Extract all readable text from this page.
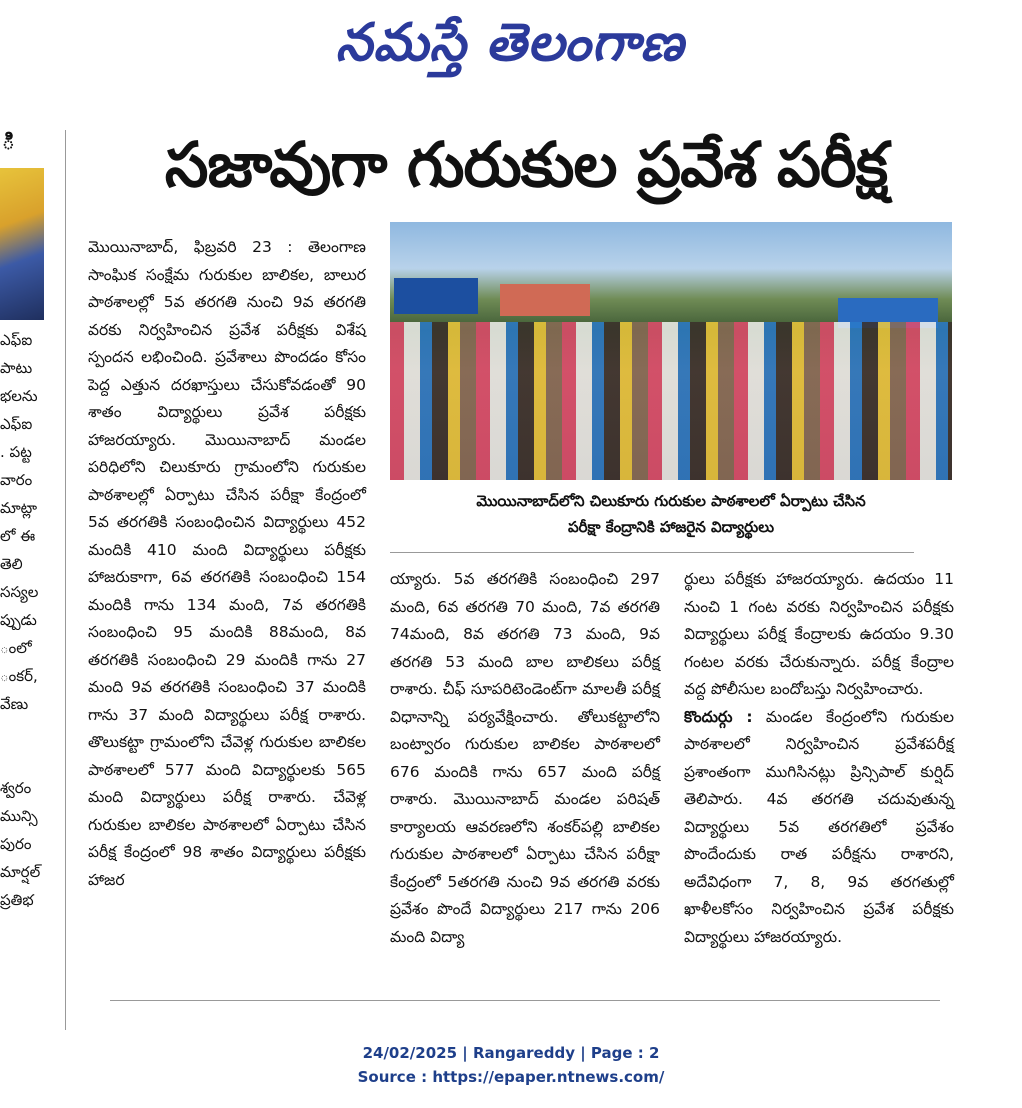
నమస్తే తెలంగాణ
సజావుగా గురుకుల ప్రవేశ పరీక్ష
ి
ఎఫ్ఐ
పాటు
భలను
ఎఫ్ఐ
. పట్ట
వారం
మాట్లా
లో ఈ
తెలి
సస్యల
ప్పుడు
ంలో
ంకర్,
వేణు

శ్వరం
మున్సి
పురం
మార్షల్
ప్రతిభ

మొయినాబాద్, ఫిబ్రవరి 23 : తెలంగాణ సాంఘిక సంక్షేమ గురుకుల బాలికల, బాలుర పాఠశాలల్లో 5వ తరగతి నుంచి 9వ తరగతి వరకు నిర్వహించిన ప్రవేశ పరీక్షకు విశేష స్పందన లభించింది. ప్రవేశాలు పొందడం కోసం పెద్ద ఎత్తున దరఖాస్తులు చేసుకోవడంతో 90 శాతం విద్యార్థులు ప్రవేశ పరీక్షకు హాజరయ్యారు. మొయినాబాద్ మండల పరిధిలోని చిలుకూరు గ్రామంలోని గురుకుల పాఠశాలల్లో ఏర్పాటు చేసిన పరీక్షా కేంద్రంలో 5వ తరగతికి సంబంధించిన విద్యార్థులు 452 మందికి 410 మంది విద్యార్థులు పరీక్షకు హాజరుకాగా, 6వ తరగతికి సంబంధించి 154 మందికి గాను 134 మంది, 7వ తరగతికి సంబంధించి 95 మందికి 88మంది, 8వ తరగతికి సంబంధించి 29 మందికి గాను 27 మంది 9వ తరగతికి సంబంధించి 37 మందికి గాను 37 మంది విద్యార్థులు పరీక్ష రాశారు. తొలుకట్టా గ్రామంలోని చేవెళ్ల గురుకుల బాలికల పాఠశాలలో 577 మంది విద్యార్థులకు 565 మంది విద్యార్థులు పరీక్ష రాశారు. చేవెళ్ల గురుకుల బాలికల పాఠశాలలో ఏర్పాటు చేసిన పరీక్ష కేంద్రంలో 98 శాతం విద్యార్థులు పరీక్షకు హాజర

మొయినాబాద్‌లోని చిలుకూరు గురుకుల పాఠశాలలో ఏర్పాటు చేసిన
పరీక్షా కేంద్రానికి హాజరైన విద్యార్థులు

య్యారు. 5వ తరగతికి సంబంధించి 297 మంది, 6వ తరగతి 70 మంది, 7వ తరగతి 74మంది, 8వ తరగతి 73 మంది, 9వ తరగతి 53 మంది బాల బాలికలు పరీక్ష రాశారు. చీఫ్ సూపరిటెండెంట్‌గా మాలతీ పరీక్ష విధానాన్ని పర్యవేక్షించారు. తోలుకట్టాలోని బంట్వారం గురుకుల బాలికల పాఠశాలలో 676 మందికి గాను 657 మంది పరీక్ష రాశారు. మొయినాబాద్ మండల పరిషత్ కార్యాలయ ఆవరణలోని శంకర్‌పల్లి బాలికల గురుకుల పాఠశాలలో ఏర్పాటు చేసిన పరీక్షా కేంద్రంలో 5తరగతి నుంచి 9వ తరగతి వరకు ప్రవేశం పొందే విద్యార్థులు 217 గాను 206 మంది విద్యా

ర్థులు పరీక్షకు హాజరయ్యారు. ఉదయం 11 నుంచి 1 గంట వరకు నిర్వహించిన పరీక్షకు విద్యార్థులు పరీక్ష కేంద్రాలకు ఉదయం 9.30 గంటల వరకు చేరుకున్నారు. పరీక్ష కేంద్రాల వద్ద పోలీసుల బందోబస్తు నిర్వహించారు.

కొందుర్గు : మండల కేంద్రంలోని గురుకుల పాఠశాలలో నిర్వహించిన ప్రవేశపరీక్ష ప్రశాంతంగా ముగిసినట్లు ప్రిన్సిపాల్ కుర్షిద్ తెలిపారు. 4వ తరగతి చదువుతున్న విద్యార్థులు 5వ తరగతిలో ప్రవేశం పొందేందుకు రాత పరీక్షను రాశారని, అదేవిధంగా 7, 8, 9వ తరగతుల్లో ఖాళీలకోసం నిర్వహించిన ప్రవేశ పరీక్షకు విద్యార్థులు హాజరయ్యారు.

24/02/2025 | Rangareddy | Page : 2
Source : https://epaper.ntnews.com/
